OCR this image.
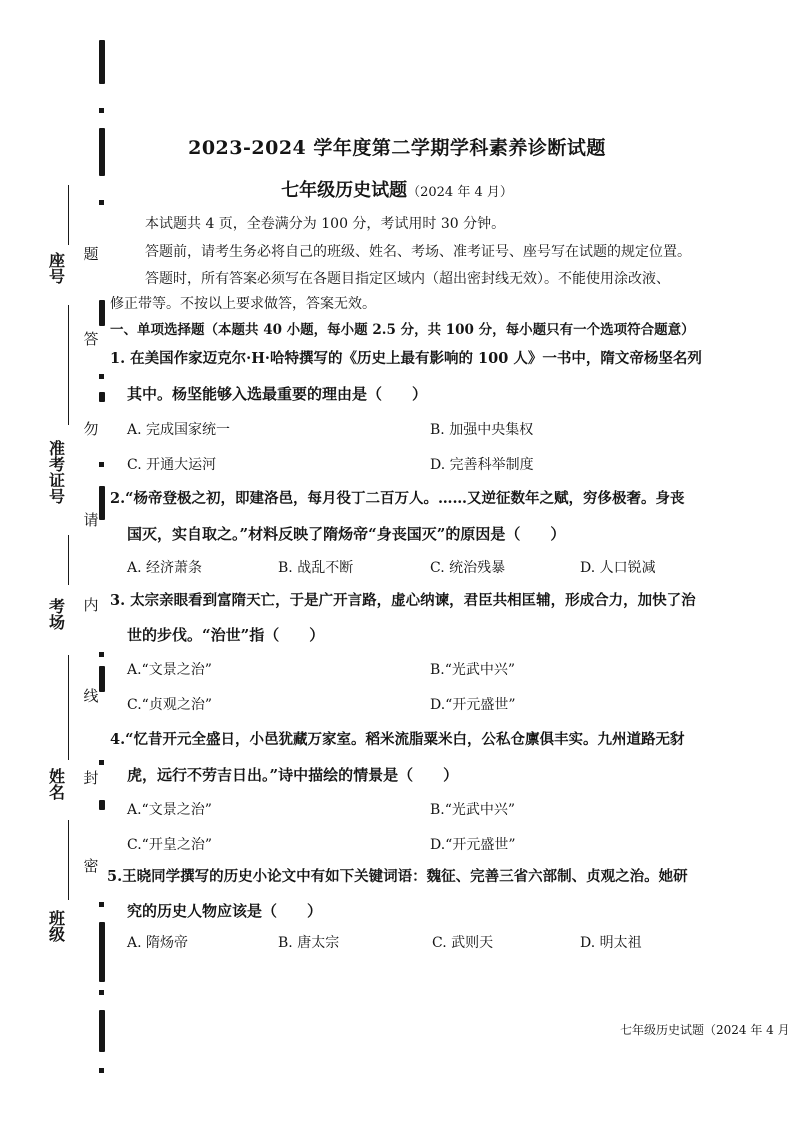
题
答
勿
请
内
线
封
密
座号
准考证号
考场
姓名
班级
2023-2024 学年度第二学期学科素养诊断试题
七年级历史试题（2024 年 4 月）
本试题共 4 页，全卷满分为 100 分，考试用时 30 分钟。
答题前，请考生务必将自己的班级、姓名、考场、准考证号、座号写在试题的规定位置。
答题时，所有答案必须写在各题目指定区域内（超出密封线无效）。不能使用涂改液、
修正带等。不按以上要求做答，答案无效。
一、单项选择题（本题共 40 小题，每小题 2.5 分，共 100 分，每小题只有一个选项符合题意）
1. 在美国作家迈克尔·H·哈特撰写的《历史上最有影响的 100 人》一书中，隋文帝杨坚名列
其中。杨坚能够入选最重要的理由是（　　）
A. 完成国家统一	B. 加强中央集权
C. 开通大运河	D. 完善科举制度
2.“杨帝登极之初，即建洛邑，每月役丁二百万人。……又逆征数年之赋，穷侈极奢。身丧
国灭，实自取之。”材料反映了隋炀帝“身丧国灭”的原因是（　　）
A. 经济萧条	B. 战乱不断	C. 统治残暴	D. 人口锐减
3. 太宗亲眼看到富隋天亡，于是广开言路，虚心纳谏，君臣共相匡辅，形成合力，加快了治
世的步伐。“治世”指（　　）
A.“文景之治”	B.“光武中兴”
C.“贞观之治”	D.“开元盛世”
4.“忆昔开元全盛日，小邑犹藏万家室。稻米流脂粟米白，公私仓廪俱丰实。九州道路无豺
虎，远行不劳吉日出。”诗中描绘的情景是（　　）
A.“文景之治”	B.“光武中兴”
C.“开皇之治”	D.“开元盛世”
5.王晓同学撰写的历史小论文中有如下关键词语：魏征、完善三省六部制、贞观之治。她研
究的历史人物应该是（　　）
A. 隋炀帝	B. 唐太宗	C. 武则天	D. 明太祖
七年级历史试题（2024 年 4 月
